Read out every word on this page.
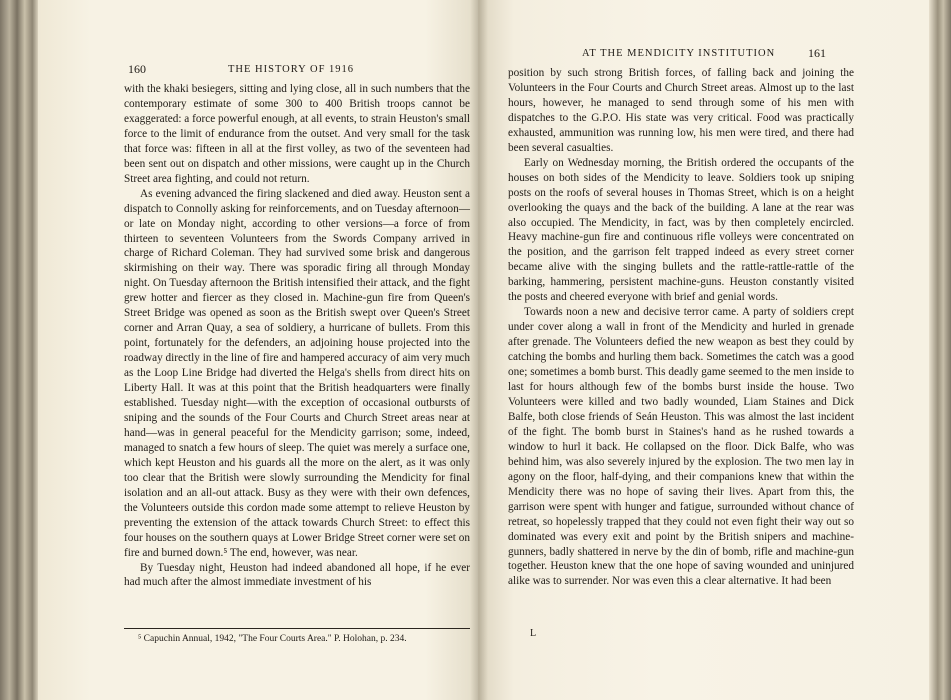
160	THE HISTORY OF 1916

with the khaki besiegers, sitting and lying close, all in such numbers that the contemporary estimate of some 300 to 400 British troops cannot be exaggerated: a force powerful enough, at all events, to strain Heuston's small force to the limit of endurance from the outset. And very small for the task that force was: fifteen in all at the first volley, as two of the seventeen had been sent out on dispatch and other missions, were caught up in the Church Street area fighting, and could not return.

As evening advanced the firing slackened and died away. Heuston sent a dispatch to Connolly asking for reinforcements, and on Tuesday afternoon—or late on Monday night, according to other versions—a force of from thirteen to seventeen Volunteers from the Swords Company arrived in charge of Richard Coleman. They had survived some brisk and dangerous skirmishing on their way. There was sporadic firing all through Monday night. On Tuesday afternoon the British intensified their attack, and the fight grew hotter and fiercer as they closed in. Machine-gun fire from Queen's Street Bridge was opened as soon as the British swept over Queen's Street corner and Arran Quay, a sea of soldiery, a hurricane of bullets. From this point, fortunately for the defenders, an adjoining house projected into the roadway directly in the line of fire and hampered accuracy of aim very much as the Loop Line Bridge had diverted the Helga's shells from direct hits on Liberty Hall. It was at this point that the British headquarters were finally established. Tuesday night—with the exception of occasional outbursts of sniping and the sounds of the Four Courts and Church Street areas near at hand—was in general peaceful for the Mendicity garrison; some, indeed, managed to snatch a few hours of sleep. The quiet was merely a surface one, which kept Heuston and his guards all the more on the alert, as it was only too clear that the British were slowly surrounding the Mendicity for final isolation and an all-out attack. Busy as they were with their own defences, the Volunteers outside this cordon made some attempt to relieve Heuston by preventing the extension of the attack towards Church Street: to effect this four houses on the southern quays at Lower Bridge Street corner were set on fire and burned down.⁵ The end, however, was near.

By Tuesday night, Heuston had indeed abandoned all hope, if he ever had much after the almost immediate investment of his

⁵ Capuchin Annual, 1942, "The Four Courts Area." P. Holohan, p. 234.
AT THE MENDICITY INSTITUTION	161

position by such strong British forces, of falling back and joining the Volunteers in the Four Courts and Church Street areas. Almost up to the last hours, however, he managed to send through some of his men with dispatches to the G.P.O. His state was very critical. Food was practically exhausted, ammunition was running low, his men were tired, and there had been several casualties.

Early on Wednesday morning, the British ordered the occupants of the houses on both sides of the Mendicity to leave. Soldiers took up sniping posts on the roofs of several houses in Thomas Street, which is on a height overlooking the quays and the back of the building. A lane at the rear was also occupied. The Mendicity, in fact, was by then completely encircled. Heavy machine-gun fire and continuous rifle volleys were concentrated on the position, and the garrison felt trapped indeed as every street corner became alive with the singing bullets and the rattle-rattle-rattle of the barking, hammering, persistent machine-guns. Heuston constantly visited the posts and cheered everyone with brief and genial words.

Towards noon a new and decisive terror came. A party of soldiers crept under cover along a wall in front of the Mendicity and hurled in grenade after grenade. The Volunteers defied the new weapon as best they could by catching the bombs and hurling them back. Sometimes the catch was a good one; sometimes a bomb burst. This deadly game seemed to the men inside to last for hours although few of the bombs burst inside the house. Two Volunteers were killed and two badly wounded, Liam Staines and Dick Balfe, both close friends of Seán Heuston. This was almost the last incident of the fight. The bomb burst in Staines's hand as he rushed towards a window to hurl it back. He collapsed on the floor. Dick Balfe, who was behind him, was also severely injured by the explosion. The two men lay in agony on the floor, half-dying, and their companions knew that within the Mendicity there was no hope of saving their lives. Apart from this, the garrison were spent with hunger and fatigue, surrounded without chance of retreat, so hopelessly trapped that they could not even fight their way out so dominated was every exit and point by the British snipers and machine-gunners, badly shattered in nerve by the din of bomb, rifle and machine-gun together. Heuston knew that the one hope of saving wounded and uninjured alike was to surrender. Nor was even this a clear alternative. It had been

L
